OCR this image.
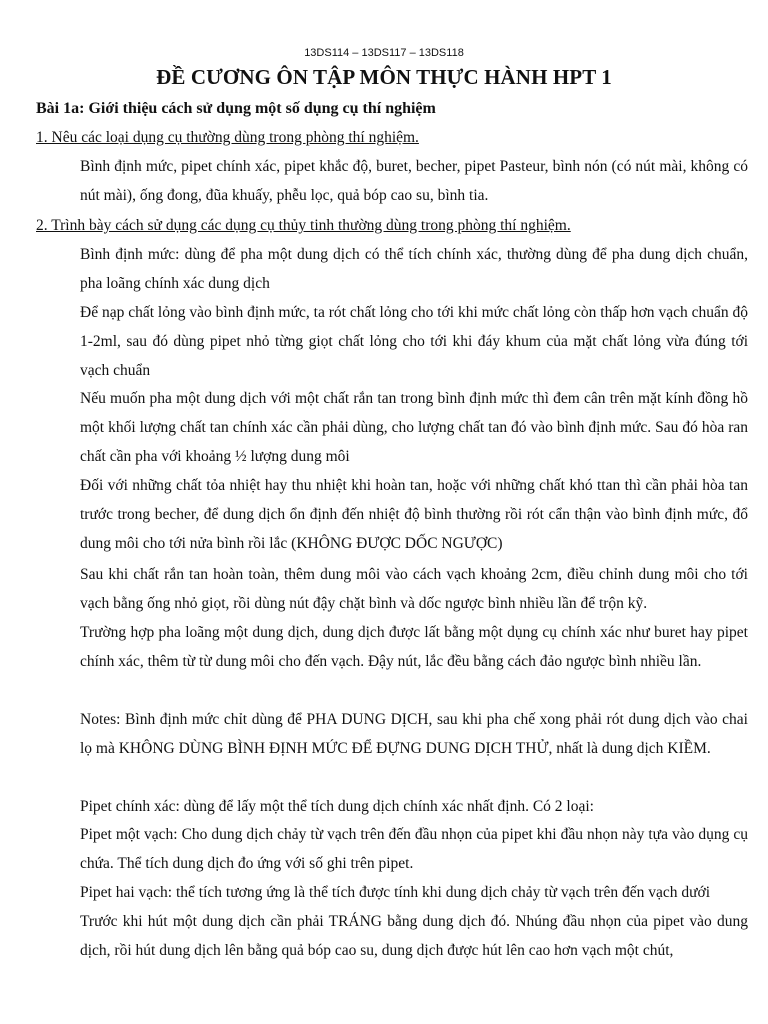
13DS114 – 13DS117 – 13DS118
ĐỀ CƯƠNG ÔN TẬP MÔN THỰC HÀNH HPT 1
Bài 1a: Giới thiệu cách sử dụng một số dụng cụ thí nghiệm
1. Nêu các loại dụng cụ thường dùng trong phòng thí nghiệm.

Bình định mức, pipet chính xác, pipet khắc độ, buret, becher, pipet Pasteur, bình nón (có nút mài, không có nút mài), ống đong, đũa khuấy, phễu lọc, quả bóp cao su, bình tia.

2. Trình bày cách sử dụng các dụng cụ thủy tinh thường dùng trong phòng thí nghiệm.

Bình định mức: dùng để pha một dung dịch có thể tích chính xác, thường dùng để pha dung dịch chuẩn, pha loãng chính xác dung dịch

Để nạp chất lỏng vào bình định mức, ta rót chất lỏng cho tới khi mức chất lỏng còn thấp hơn vạch chuẩn độ 1-2ml, sau đó dùng pipet nhỏ từng giọt chất lỏng cho tới khi đáy khum của mặt chất lỏng vừa đúng tới vạch chuẩn

Nếu muốn pha một dung dịch với một chất rắn tan trong bình định mức thì đem cân trên mặt kính đồng hồ một khối lượng chất tan chính xác cần phải dùng, cho lượng chất tan đó vào bình định mức. Sau đó hòa ran chất cần pha với khoảng ½ lượng dung môi

Đối với những chất tỏa nhiệt hay thu nhiệt khi hoàn tan, hoặc với những chất khó ttan thì cần phải hòa tan trước trong becher, để dung dịch ổn định đến nhiệt độ bình thường rồi rót cẩn thận vào bình định mức, đổ dung môi cho tới nửa bình rồi lắc (KHÔNG ĐƯỢC DỐC NGƯỢC)

Sau khi chất rắn tan hoàn toàn, thêm dung môi vào cách vạch khoảng 2cm, điều chỉnh dung môi cho tới vạch bằng ống nhỏ giọt, rồi dùng nút đậy chặt bình và dốc ngược bình nhiều lần để trộn kỹ.

Trường hợp pha loãng một dung dịch, dung dịch được lất bằng một dụng cụ chính xác như buret hay pipet chính xác, thêm từ từ dung môi cho đến vạch. Đậy nút, lắc đều bằng cách đảo ngược bình nhiều lần.

Notes: Bình định mức chỉt dùng để PHA DUNG DỊCH, sau khi pha chế xong phải rót dung dịch vào chai lọ mà KHÔNG DÙNG BÌNH ĐỊNH MỨC ĐỂ ĐỰNG DUNG DỊCH THỬ, nhất là dung dịch KIỀM.

Pipet chính xác: dùng để lấy một thể tích dung dịch chính xác nhất định. Có 2 loại:

Pipet một vạch: Cho dung dịch chảy từ vạch trên đến đầu nhọn của pipet khi đầu nhọn này tựa vào dụng cụ chứa. Thể tích dung dịch đo ứng với số ghi trên pipet.

Pipet hai vạch: thể tích tương ứng là thể tích được tính khi dung dịch chảy từ vạch trên đến vạch dưới

Trước khi hút một dung dịch cần phải TRÁNG bằng dung dịch đó. Nhúng đầu nhọn của pipet vào dung dịch, rồi hút dung dịch lên bằng quả bóp cao su, dung dịch được hút lên cao hơn vạch một chút,
